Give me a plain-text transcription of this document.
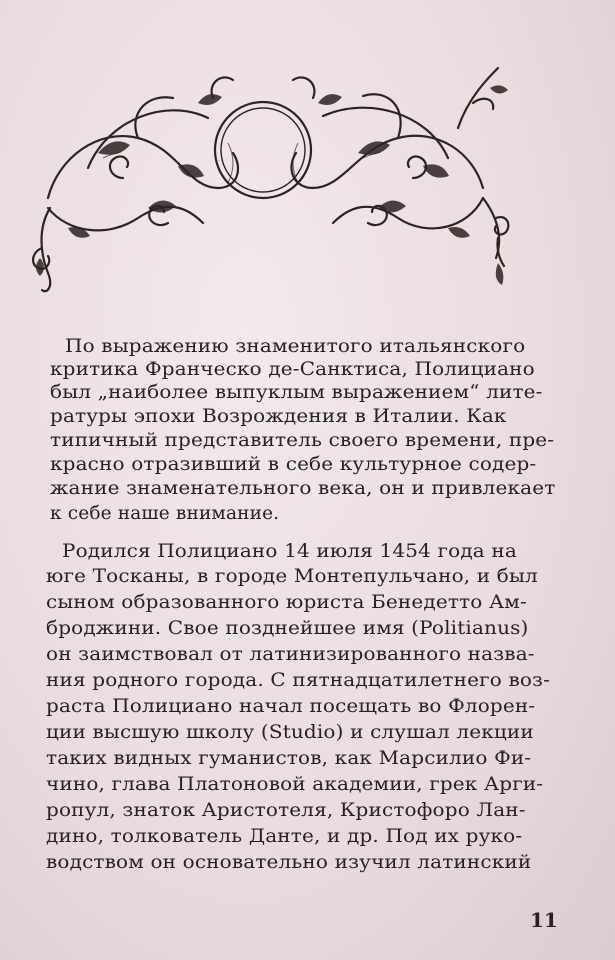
По выражению знаменитого итальянского
критика Франческо де-Санктиса, Полициано
был „наиболее выпуклым выражением“ лите-
ратуры эпохи Возрождения в Италии. Как
типичный представитель своего времени, пре-
красно отразивший в себе культурное содер-
жание знаменательного века, он и привлекает
к себе наше внимание.
Родился Полициано 14 июля 1454 года на
юге Тосканы, в городе Монтепульчано, и был
сыном образованного юриста Бенедетто Ам-
броджини. Свое позднейшее имя (Politianus)
он заимствовал от латинизированного назва-
ния родного города. С пятнадцатилетнего воз-
раста Полициано начал посещать во Флорен-
ции высшую школу (Studio) и слушал лекции
таких видных гуманистов, как Марсилио Фи-
чино, глава Платоновой академии, грек Арги-
ропул, знаток Аристотеля, Кристофоро Лан-
дино, толкователь Данте, и др. Под их руко-
водством он основательно изучил латинский
11
